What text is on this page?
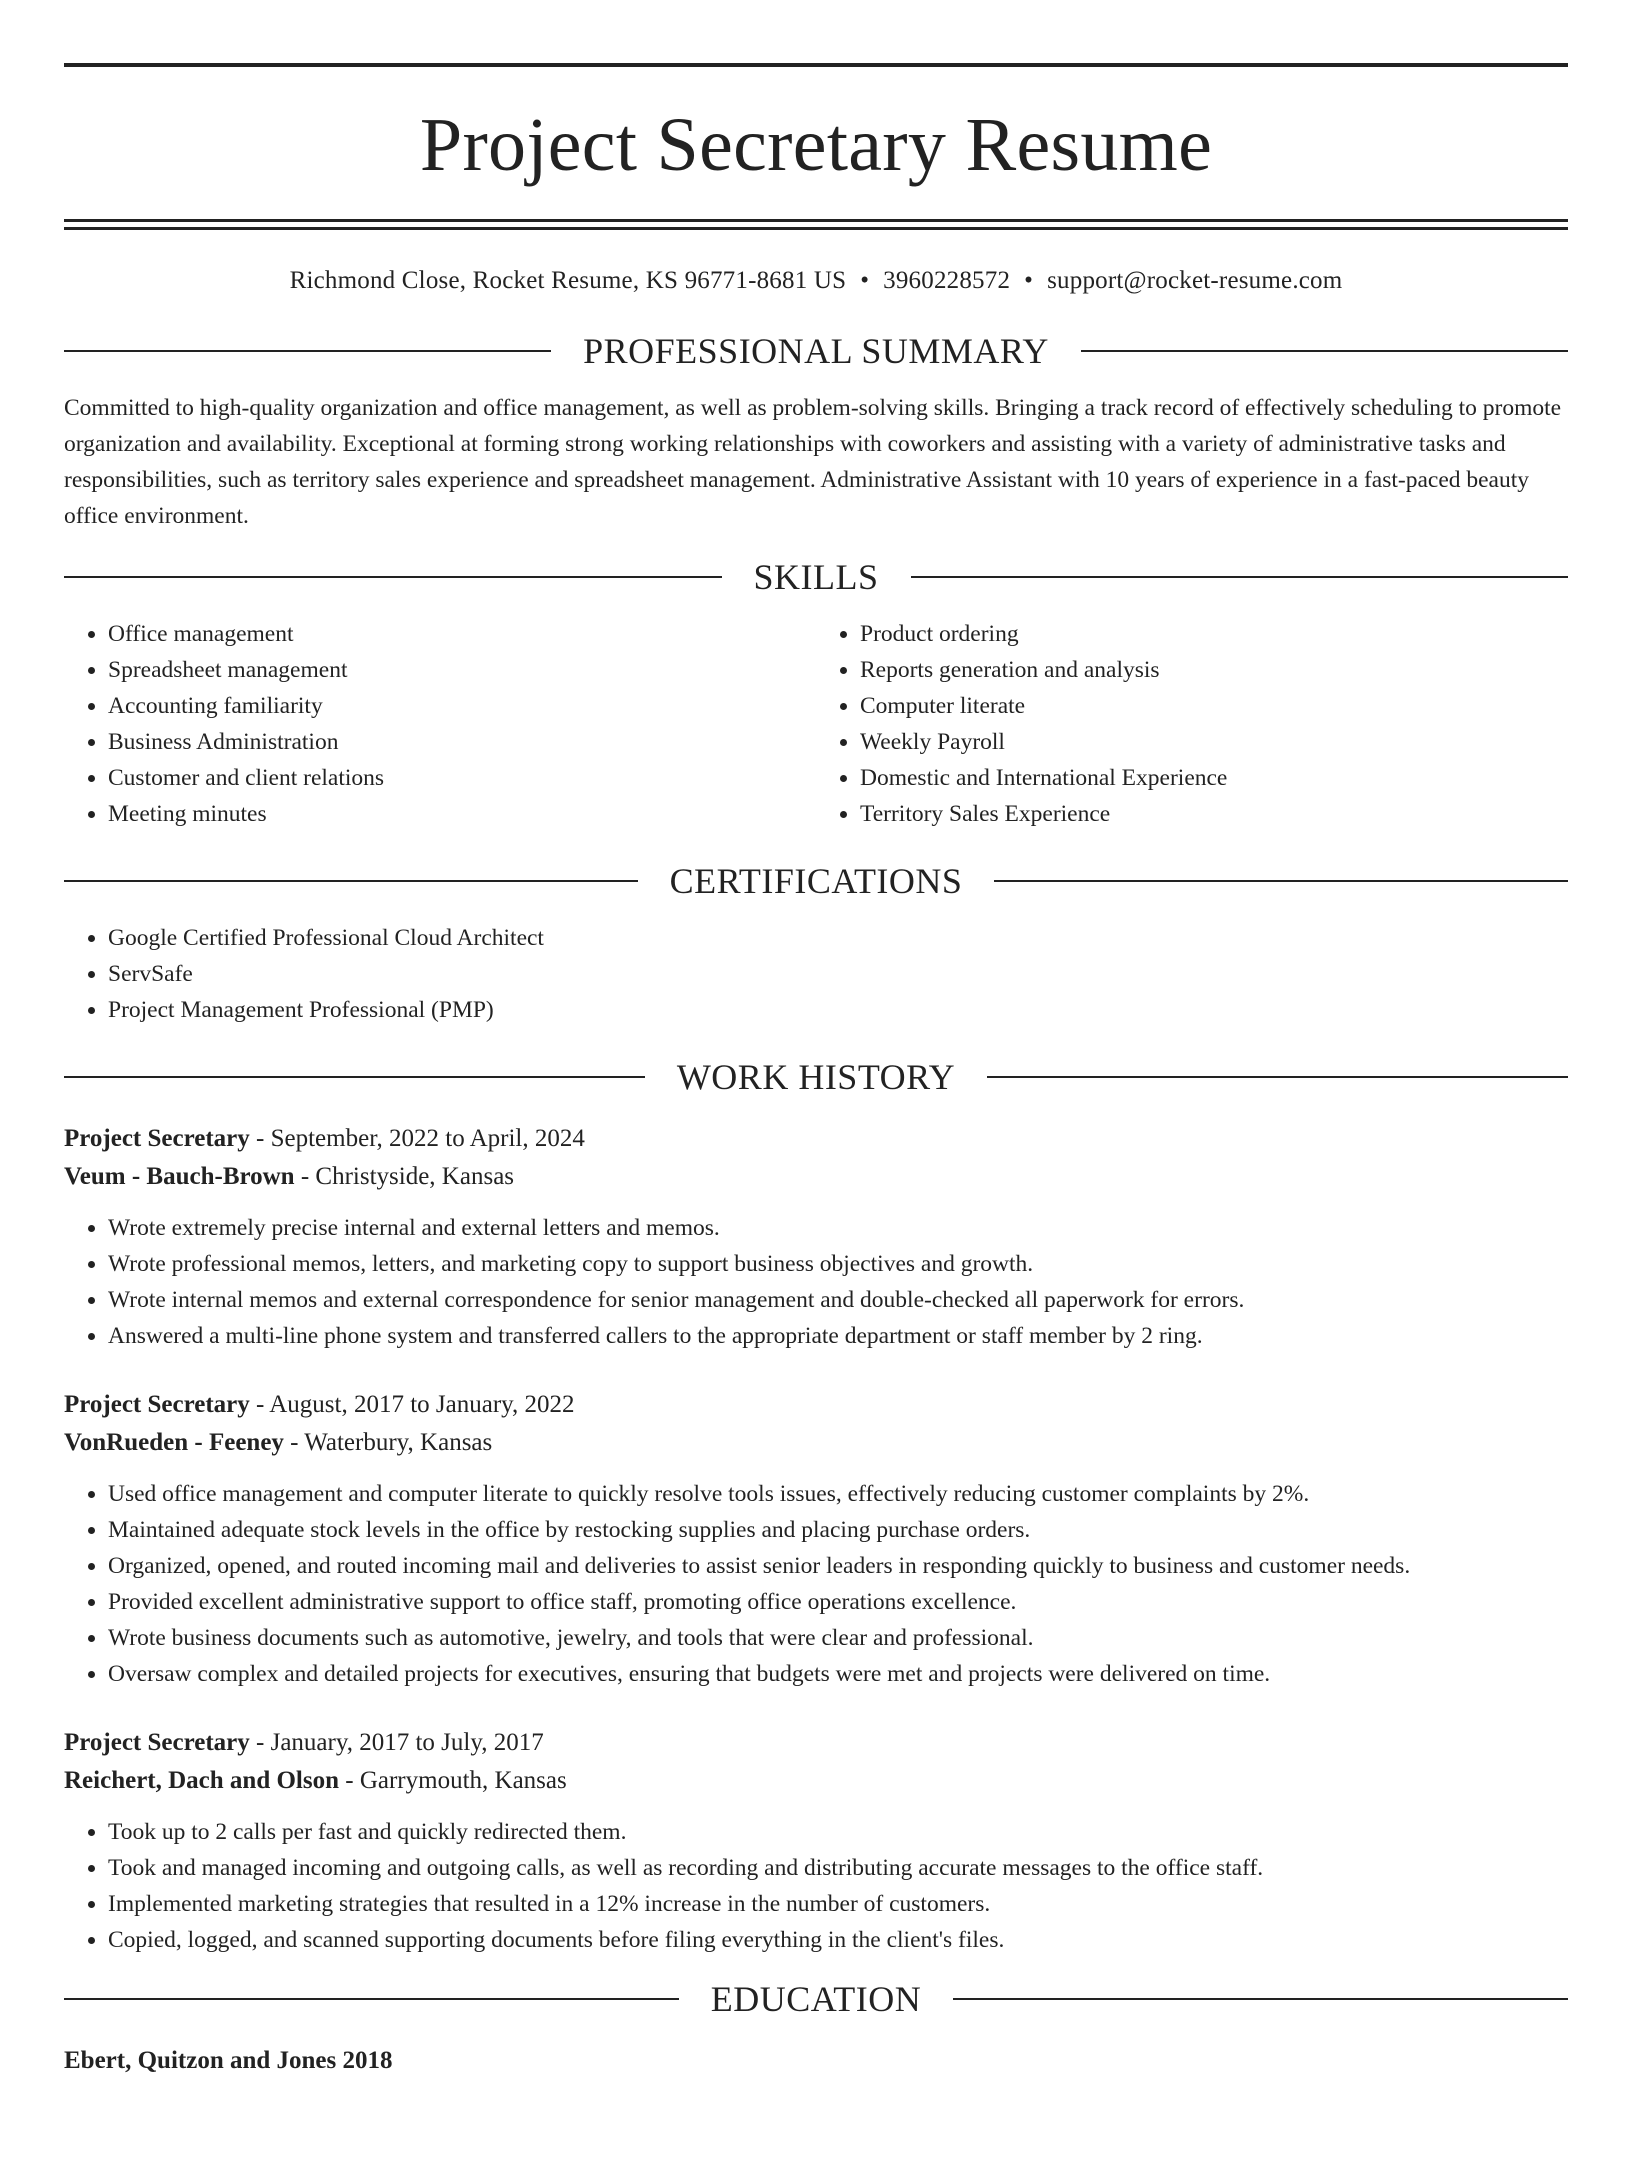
Project Secretary Resume
Richmond Close, Rocket Resume, KS 96771-8681 US • 3960228572 • support@rocket-resume.com
PROFESSIONAL SUMMARY
Committed to high-quality organization and office management, as well as problem-solving skills. Bringing a track record of effectively scheduling to promote organization and availability. Exceptional at forming strong working relationships with coworkers and assisting with a variety of administrative tasks and responsibilities, such as territory sales experience and spreadsheet management. Administrative Assistant with 10 years of experience in a fast-paced beauty office environment.
SKILLS
• Office management
• Spreadsheet management
• Accounting familiarity
• Business Administration
• Customer and client relations
• Meeting minutes
• Product ordering
• Reports generation and analysis
• Computer literate
• Weekly Payroll
• Domestic and International Experience
• Territory Sales Experience
CERTIFICATIONS
• Google Certified Professional Cloud Architect
• ServSafe
• Project Management Professional (PMP)
WORK HISTORY
Project Secretary - September, 2022 to April, 2024
Veum - Bauch-Brown - Christyside, Kansas
• Wrote extremely precise internal and external letters and memos.
• Wrote professional memos, letters, and marketing copy to support business objectives and growth.
• Wrote internal memos and external correspondence for senior management and double-checked all paperwork for errors.
• Answered a multi-line phone system and transferred callers to the appropriate department or staff member by 2 ring.
Project Secretary - August, 2017 to January, 2022
VonRueden - Feeney - Waterbury, Kansas
• Used office management and computer literate to quickly resolve tools issues, effectively reducing customer complaints by 2%.
• Maintained adequate stock levels in the office by restocking supplies and placing purchase orders.
• Organized, opened, and routed incoming mail and deliveries to assist senior leaders in responding quickly to business and customer needs.
• Provided excellent administrative support to office staff, promoting office operations excellence.
• Wrote business documents such as automotive, jewelry, and tools that were clear and professional.
• Oversaw complex and detailed projects for executives, ensuring that budgets were met and projects were delivered on time.
Project Secretary - January, 2017 to July, 2017
Reichert, Dach and Olson - Garrymouth, Kansas
• Took up to 2 calls per fast and quickly redirected them.
• Took and managed incoming and outgoing calls, as well as recording and distributing accurate messages to the office staff.
• Implemented marketing strategies that resulted in a 12% increase in the number of customers.
• Copied, logged, and scanned supporting documents before filing everything in the client's files.
EDUCATION
Ebert, Quitzon and Jones 2018
